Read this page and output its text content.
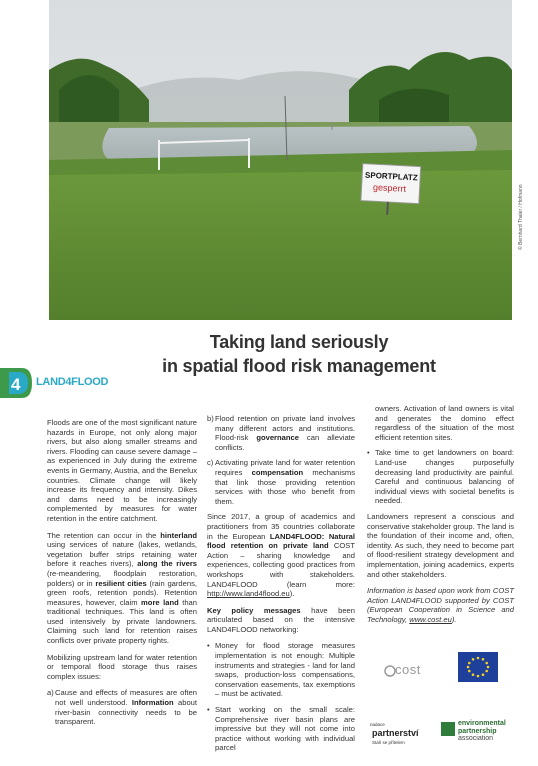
SPORTPLATZ
gesperrt	© Bernhard Thaler / Hofmann
Taking land seriously
in spatial flood risk management
4 LAND4FLOOD

Floods are one of the most significant nature hazards in Europe, not only along major rivers, but also along smaller streams and rivers. Flooding can cause severe damage – as experienced in July during the extreme events in Germany, Austria, and the Benelux countries. Climate change will likely increase its frequency and intensity. Dikes and dams need to be increasingly complemented by measures for water retention in the entire catchment.

The retention can occur in the hinterland using services of nature (lakes, wetlands, vegetation buffer strips retaining water before it reaches rivers), along the rivers (re-meandering, floodplain restoration, polders) or in resilient cities (rain gardens, green roofs, retention ponds). Retention measures, however, claim more land than traditional techniques. This land is often used intensively by private landowners. Claiming such land for retention raises conflicts over private property rights.

Mobilizing upstream land for water retention or temporal flood storage thus raises complex issues:

a) Cause and effects of measures are often not well understood. Information about river-basin connectivity needs to be transparent.
b) Flood retention on private land involves many different actors and institutions. Flood-risk governance can alleviate conflicts.
c) Activating private land for water retention requires compensation mechanisms that link those providing retention services with those who benefit from them.

Since 2017, a group of academics and practitioners from 35 countries collaborate in the European LAND4FLOOD: Natural flood retention on private land COST Action – sharing knowledge and experiences, collecting good practices from workshops with stakeholders. LAND4FLOOD (learn more: http://www.land4flood.eu).

Key policy messages have been articulated based on the intensive LAND4FLOOD networking:

• Money for flood storage measures implementation is not enough: Multiple instruments and strategies - land for land swaps, production-loss compensations, conservation easements, tax exemptions – must be activated.
• Start working on the small scale: Comprehensive river basin plans are impressive but they will not come into practice without working with individual parcel
owners. Activation of land owners is vital and generates the domino effect regardless of the situation of the most efficient retention sites.
• Take time to get landowners on board: Land-use changes purposefully decreasing land productivity are painful. Careful and continuous balancing of individual views with societal benefits is needed.

Landowners represent a conscious and conservative stakeholder group. The land is the foundation of their income and, often, identity. As such, they need to become part of flood-resilient strategy development and implementation, joining academics, experts and other stakeholders.

Information is based upon work from COST Action LAND4FLOOD supported by COST (European Cooperation in Science and Technology, www.cost.eu).

cost
nadace
partnerství
Staň se přítelem
environmental
partnership
association
